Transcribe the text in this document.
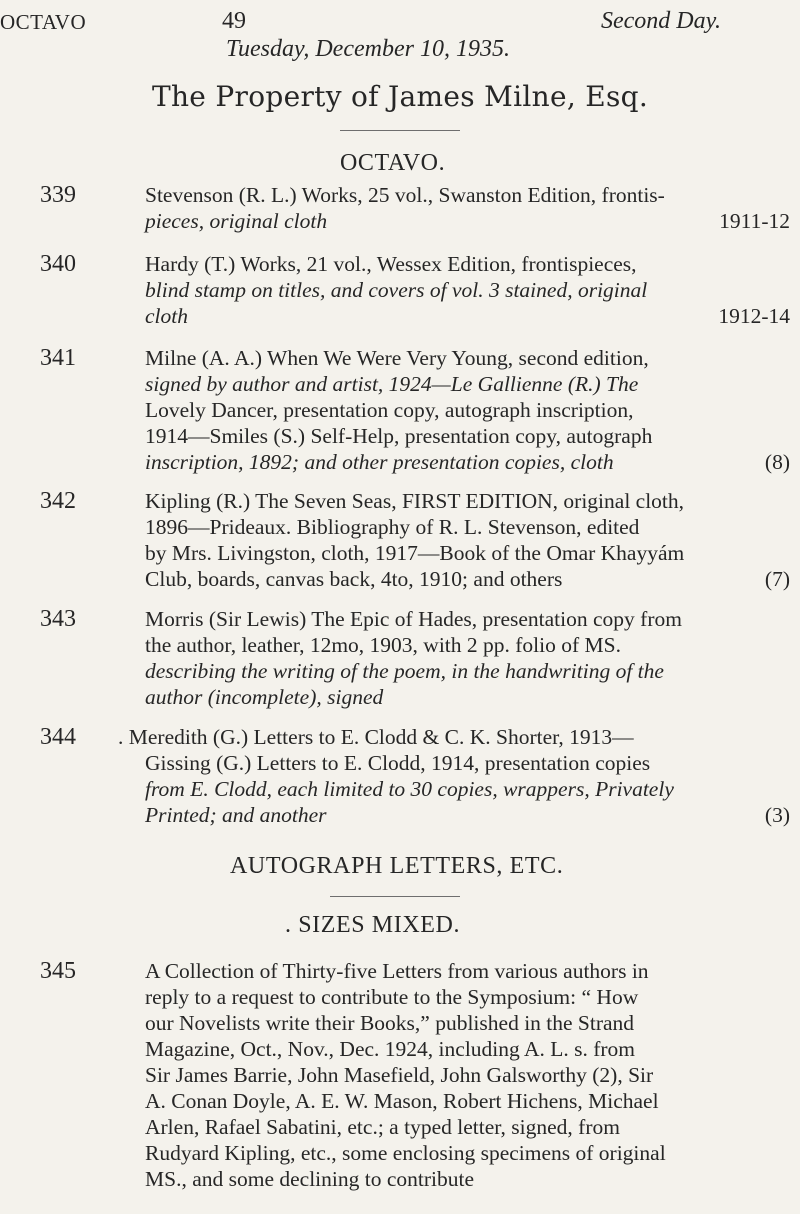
OCTAVO	49	Second Day.
Tuesday, December 10, 1935.
The Property of James Milne, Esq.
OCTAVO.
339	Stevenson (R. L.) Works, 25 vol., Swanston Edition, frontis-
pieces, original cloth	1911-12
340	Hardy (T.) Works, 21 vol., Wessex Edition, frontispieces,
blind stamp on titles, and covers of vol. 3 stained, original
cloth	1912-14
341	Milne (A. A.) When We Were Very Young, second edition,
signed by author and artist, 1924—Le Gallienne (R.) The
Lovely Dancer, presentation copy, autograph inscription,
1914—Smiles (S.) Self-Help, presentation copy, autograph
inscription, 1892; and other presentation copies, cloth	(8)
342	Kipling (R.) The Seven Seas, FIRST EDITION, original cloth,
1896—Prideaux. Bibliography of R. L. Stevenson, edited
by Mrs. Livingston, cloth, 1917—Book of the Omar Khayyám
Club, boards, canvas back, 4to, 1910; and others	(7)
343	Morris (Sir Lewis) The Epic of Hades, presentation copy from
the author, leather, 12mo, 1903, with 2 pp. folio of MS.
describing the writing of the poem, in the handwriting of the
author (incomplete), signed
344 . Meredith (G.) Letters to E. Clodd & C. K. Shorter, 1913—
Gissing (G.) Letters to E. Clodd, 1914, presentation copies
from E. Clodd, each limited to 30 copies, wrappers, Privately
Printed; and another	(3)
AUTOGRAPH LETTERS, ETC.
. SIZES MIXED.
345	A Collection of Thirty-five Letters from various authors in
reply to a request to contribute to the Symposium: “ How
our Novelists write their Books,” published in the Strand
Magazine, Oct., Nov., Dec. 1924, including A. L. s. from
Sir James Barrie, John Masefield, John Galsworthy (2), Sir
A. Conan Doyle, A. E. W. Mason, Robert Hichens, Michael
Arlen, Rafael Sabatini, etc.; a typed letter, signed, from
Rudyard Kipling, etc., some enclosing specimens of original
MS., and some declining to contribute
